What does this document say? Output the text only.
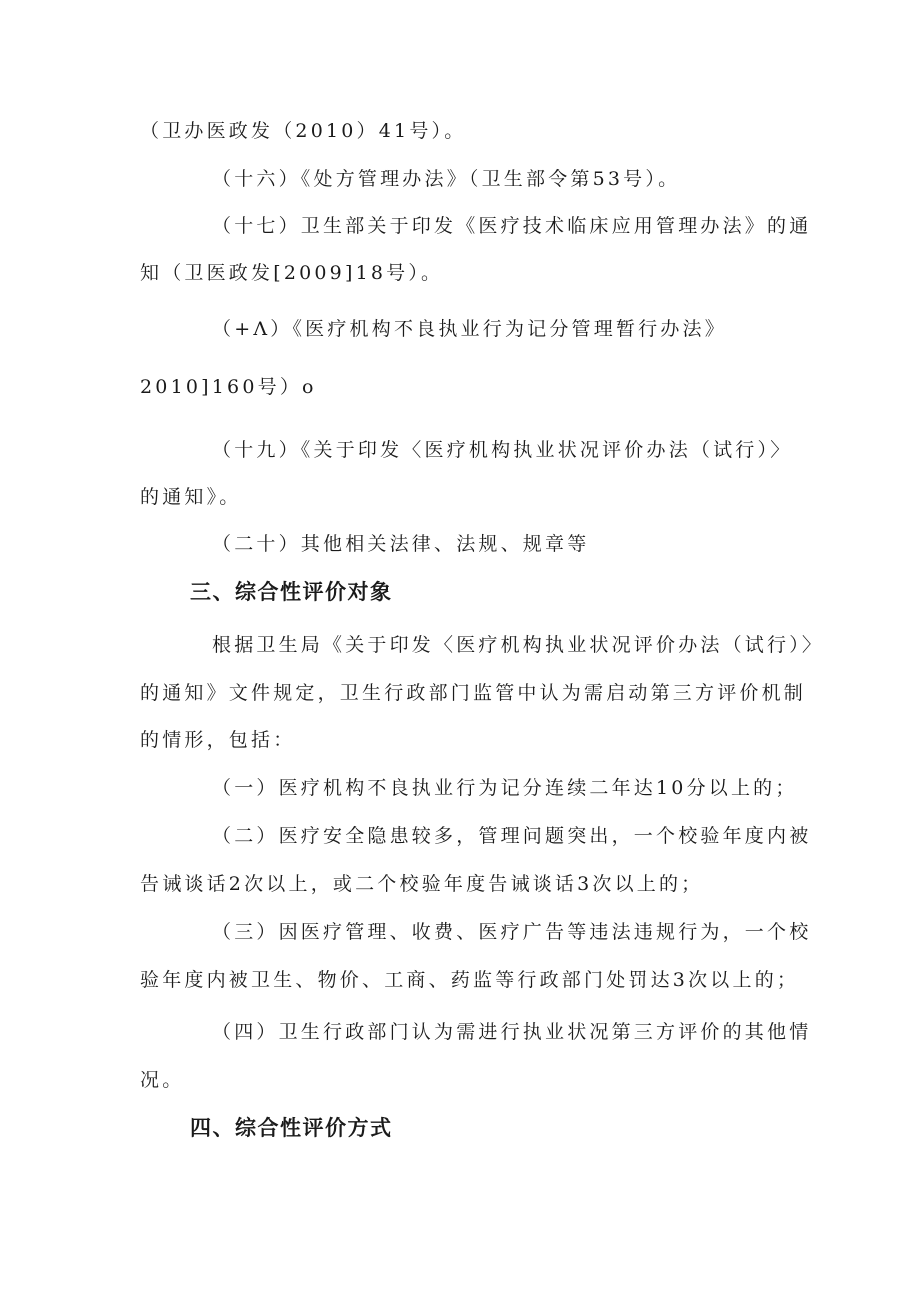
（卫办医政发（2010）41号）。
（十六）《处方管理办法》（卫生部令第53号）。
（十七）卫生部关于印发《医疗技术临床应用管理办法》的通
知（卫医政发[2009]18号）。
（+Λ）《医疗机构不良执业行为记分管理暂行办法》
2010]160号）o
（十九）《关于印发〈医疗机构执业状况评价办法（试行）〉
的通知》。
（二十）其他相关法律、法规、规章等
三、综合性评价对象
根据卫生局《关于印发〈医疗机构执业状况评价办法（试行）〉
的通知》文件规定，卫生行政部门监管中认为需启动第三方评价机制
的情形，包括：
（一）医疗机构不良执业行为记分连续二年达10分以上的；
（二）医疗安全隐患较多，管理问题突出，一个校验年度内被
告诫谈话2次以上，或二个校验年度告诫谈话3次以上的；
（三）因医疗管理、收费、医疗广告等违法违规行为，一个校
验年度内被卫生、物价、工商、药监等行政部门处罚达3次以上的；
（四）卫生行政部门认为需进行执业状况第三方评价的其他情
况。
四、综合性评价方式
